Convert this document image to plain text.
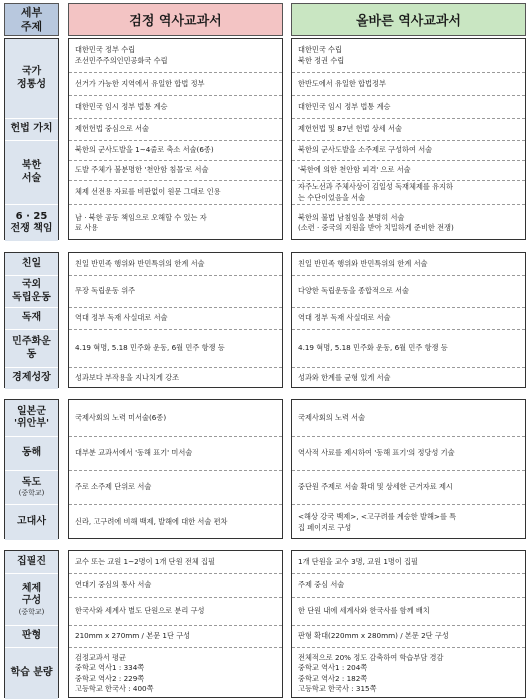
세부
주제	검정 역사교과서	올바른 역사교과서
국가
정통성
헌법 가치
북한
서술
6 · 25
전쟁 책임
대한민국 정부 수립
조선민주주의인민공화국 수립
선거가 가능한 지역에서 유일한 합법 정부
대한민국 임시 정부 법통 계승
제헌헌법 중심으로 서술
북한의 군사도발을 1~4줄로 축소 서술(6종)
도발 주체가 불분명한 '천안함 침몰'로 서술
체제 선전용 자료를 비판없이 원문 그대로 인용
남 · 북한 공동 책임으로 오해할 수 있는 자
료 사용
대한민국 수립
북한 정권 수립
한반도에서 유일한 합법정부
대한민국 임시 정부 법통 계승
제헌헌법 및 87년 헌법 상세 서술
북한의 군사도발을 소주제로 구성하여 서술
'북한에 의한 천안함 피격' 으로 서술
자주노선과 주체사상이 김일성 독재체제를 유지하
는 수단이었음을 서술
북한의 불법 남침임을 분명히 서술
(소련 · 중국의 지원을 받아 치밀하게 준비한 전쟁)
친일
국외
독립운동
독재
민주화운
동
경제성장
친일 반민족 행위와 반민특위의 한계 서술
무장 독립운동 위주
역대 정부 독재 사실대로 서술
4.19 혁명, 5.18 민주화 운동, 6월 민주 항쟁 등
성과보다 부작용을 지나치게 강조
친일 반민족 행위와 반민특위의 한계 서술
다양한 독립운동을 종합적으로 서술
역대 정부 독재 사실대로 서술
4.19 혁명, 5.18 민주화 운동, 6월 민주 항쟁 등
성과와 한계를 균형 있게 서술
일본군
'위안부'
동해
독도
(중학교)
고대사
국제사회의 노력 미서술(6종)
대부분 교과서에서 '동해 표기' 미서술
주로 소주제 단위로 서술
신라, 고구려에 비해 백제, 발해에 대한 서술 편차
국제사회의 노력 서술
역사적 사료를 제시하여 '동해 표기'의 정당성 기술
중단원 주제로 서술 확대 및 상세한 근거자료 제시
<해상 강국 백제>, <고구려를 계승한 발해>를 특
집 페이지로 구성
집필진
체제
구성
(중학교)
판형
학습 분량
교수 또는 교원 1~2명이 1개 단원 전체 집필
연대기 중심의 통사 서술
한국사와 세계사 별도 단원으로 분리 구성
210mm x 270mm / 본문 1단 구성
검정교과서 평균
중학교 역사1 : 334쪽
중학교 역사2 : 229쪽
고등학교 한국사 : 400쪽
1개 단원을 교수 3명, 교원 1명이 집필
주제 중심 서술
한 단원 내에 세계사와 한국사를 함께 배치
판형 확대(220mm x 280mm) / 본문 2단 구성
전체적으로 20% 정도 감축하여 학습부담 경감
중학교 역사1 : 204쪽
중학교 역사2 : 182쪽
고등학교 한국사 : 315쪽
